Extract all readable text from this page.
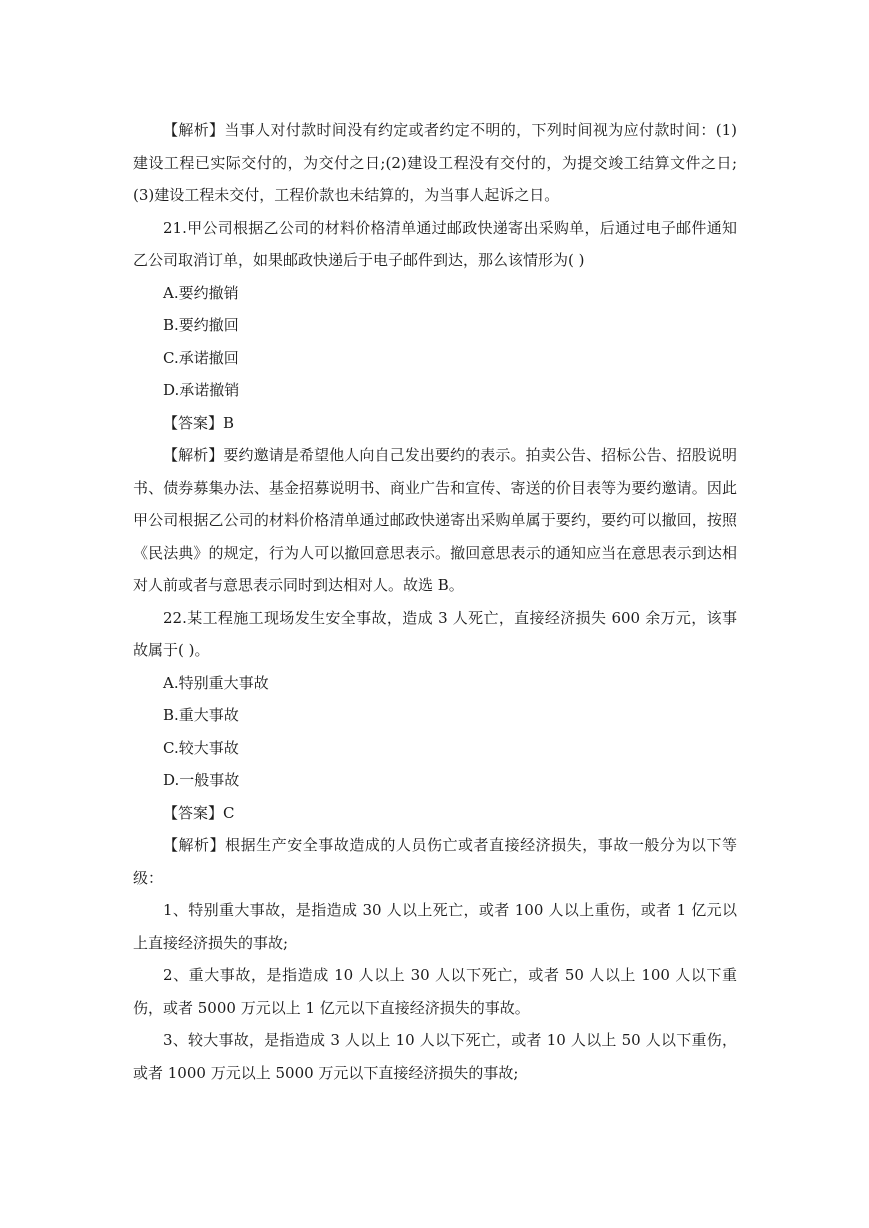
【解析】当事人对付款时间没有约定或者约定不明的，下列时间视为应付款时间：(1)建设工程已实际交付的，为交付之日;(2)建设工程没有交付的，为提交竣工结算文件之日;(3)建设工程未交付，工程价款也未结算的，为当事人起诉之日。

21.甲公司根据乙公司的材料价格清单通过邮政快递寄出采购单，后通过电子邮件通知乙公司取消订单，如果邮政快递后于电子邮件到达，那么该情形为( )

A.要约撤销

B.要约撤回

C.承诺撤回

D.承诺撤销

【答案】B

【解析】要约邀请是希望他人向自己发出要约的表示。拍卖公告、招标公告、招股说明书、债券募集办法、基金招募说明书、商业广告和宣传、寄送的价目表等为要约邀请。因此甲公司根据乙公司的材料价格清单通过邮政快递寄出采购单属于要约，要约可以撤回，按照《民法典》的规定，行为人可以撤回意思表示。撤回意思表示的通知应当在意思表示到达相对人前或者与意思表示同时到达相对人。故选 B。

22.某工程施工现场发生安全事故，造成 3 人死亡，直接经济损失 600 余万元，该事故属于( )。

A.特别重大事故

B.重大事故

C.较大事故

D.一般事故

【答案】C

【解析】根据生产安全事故造成的人员伤亡或者直接经济损失，事故一般分为以下等级：

1、特别重大事故，是指造成 30 人以上死亡，或者 100 人以上重伤，或者 1 亿元以上直接经济损失的事故;

2、重大事故，是指造成 10 人以上 30 人以下死亡，或者 50 人以上 100 人以下重伤，或者 5000 万元以上 1 亿元以下直接经济损失的事故。

3、较大事故，是指造成 3 人以上 10 人以下死亡，或者 10 人以上 50 人以下重伤，或者 1000 万元以上 5000 万元以下直接经济损失的事故;
